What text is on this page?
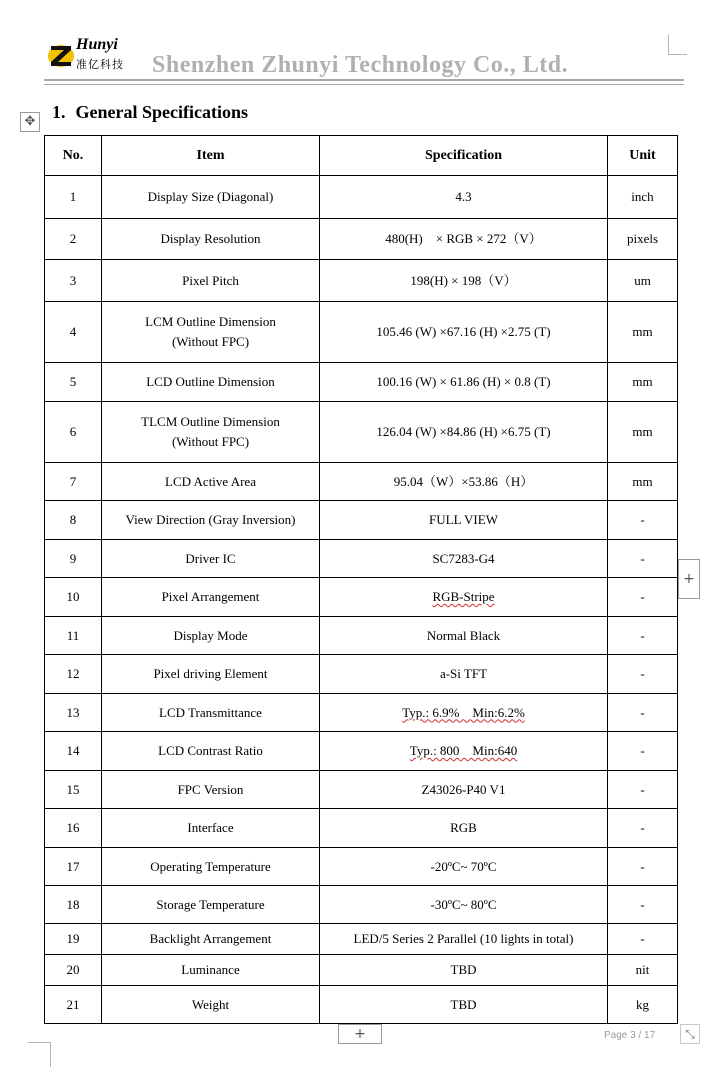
Hunyi
准亿科技 Shenzhen Zhunyi Technology Co., Ltd.
✥ 1. General Specifications
No.	Item	Specification	Unit
1	Display Size (Diagonal)	4.3	inch
2	Display Resolution	480(H)　× RGB × 272（V）	pixels
3	Pixel Pitch	198(H) × 198（V）	um
4	LCM Outline Dimension
(Without FPC)	105.46 (W) ×67.16 (H) ×2.75 (T)	mm
5	LCD Outline Dimension	100.16 (W) × 61.86 (H) × 0.8 (T)	mm
6	TLCM Outline Dimension
(Without FPC)	126.04 (W) ×84.86 (H) ×6.75 (T)	mm
7	LCD Active Area	95.04（W）×53.86（H）	mm
8	View Direction (Gray Inversion)	FULL VIEW	-
9	Driver IC	SC7283-G4	-
10	Pixel Arrangement	RGB-Stripe	-
11	Display Mode	Normal Black	-
12	Pixel driving Element	a-Si TFT	-
13	LCD Transmittance	Typ.: 6.9%　Min:6.2%	-
14	LCD Contrast Ratio	Typ.: 800　Min:640	-
15	FPC Version	Z43026-P40 V1	-
16	Interface	RGB	-
17	Operating Temperature	-20ºC~ 70ºC	-
18	Storage Temperature	-30ºC~ 80ºC	-
19	Backlight Arrangement	LED/5 Series 2 Parallel (10 lights in total)	-
20	Luminance	TBD	nit
21	Weight	TBD	kg
+
+	Page 3 / 17	⤡
